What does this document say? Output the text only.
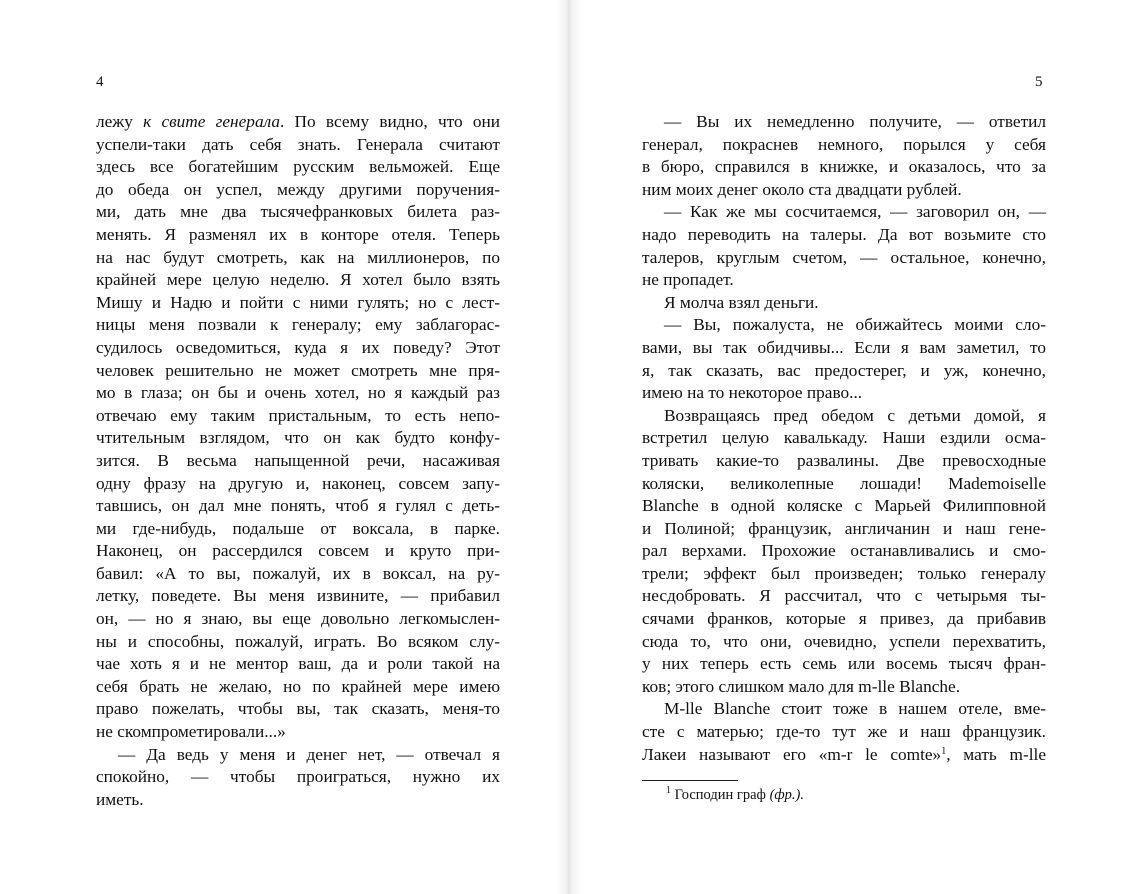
4	5
лежу к свите генерала. По всему видно, что они
успели-таки дать себя знать. Генерала считают
здесь все богатейшим русским вельможей. Еще
до обеда он успел, между другими поручения-
ми, дать мне два тысячефранковых билета раз-
менять. Я разменял их в конторе отеля. Теперь
на нас будут смотреть, как на миллионеров, по
крайней мере целую неделю. Я хотел было взять
Мишу и Надю и пойти с ними гулять; но с лест-
ницы меня позвали к генералу; ему заблагорас-
судилось осведомиться, куда я их поведу? Этот
человек решительно не может смотреть мне пря-
мо в глаза; он бы и очень хотел, но я каждый раз
отвечаю ему таким пристальным, то есть непо-
чтительным взглядом, что он как будто конфу-
зится. В весьма напыщенной речи, насаживая
одну фразу на другую и, наконец, совсем запу-
тавшись, он дал мне понять, чтоб я гулял с деть-
ми где-нибудь, подальше от воксала, в парке.
Наконец, он рассердился совсем и круто при-
бавил: «А то вы, пожалуй, их в воксал, на ру-
летку, поведете. Вы меня извините, — прибавил
он, — но я знаю, вы еще довольно легкомыслен-
ны и способны, пожалуй, играть. Во всяком слу-
чае хоть я и не ментор ваш, да и роли такой на
себя брать не желаю, но по крайней мере имею
право пожелать, чтобы вы, так сказать, меня-то
не скомпрометировали...»
— Да ведь у меня и денег нет, — отвечал я
спокойно, — чтобы проиграться, нужно их
иметь.
— Вы их немедленно получите, — ответил
генерал, покраснев немного, порылся у себя
в бюро, справился в книжке, и оказалось, что за
ним моих денег около ста двадцати рублей.
— Как же мы сосчитаемся, — заговорил он, —
надо переводить на талеры. Да вот возьмите сто
талеров, круглым счетом, — остальное, конечно,
не пропадет.
Я молча взял деньги.
— Вы, пожалуста, не обижайтесь моими сло-
вами, вы так обидчивы... Если я вам заметил, то
я, так сказать, вас предостерег, и уж, конечно,
имею на то некоторое право...
Возвращаясь пред обедом с детьми домой, я
встретил целую кавалькаду. Наши ездили осма-
тривать какие-то развалины. Две превосходные
коляски, великолепные лошади! Mademoiselle
Blanche в одной коляске с Марьей Филипповной
и Полиной; французик, англичанин и наш гене-
рал верхами. Прохожие останавливались и смо-
трели; эффект был произведен; только генералу
несдобровать. Я рассчитал, что с четырьмя ты-
сячами франков, которые я привез, да прибавив
сюда то, что они, очевидно, успели перехватить,
у них теперь есть семь или восемь тысяч фран-
ков; этого слишком мало для m-lle Blanche.
M-lle Blanche стоит тоже в нашем отеле, вме-
сте с матерью; где-то тут же и наш французик.
Лакеи называют его «m-r le comte»$^1$, мать m-lle
$^1$ Господин граф (фр.).
